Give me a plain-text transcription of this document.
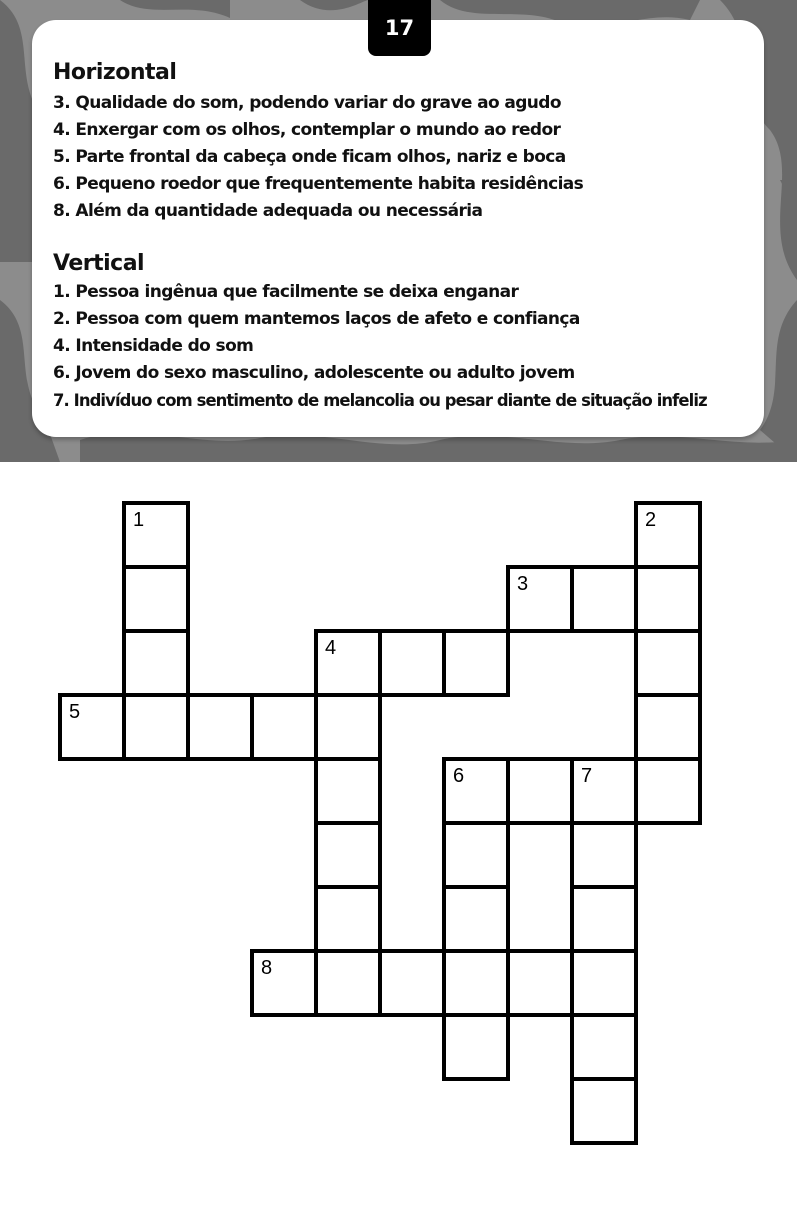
Horizontal
3. Qualidade do som, podendo variar do grave ao agudo
4. Enxergar com os olhos, contemplar o mundo ao redor
5. Parte frontal da cabeça onde ficam olhos, nariz e boca
6. Pequeno roedor que frequentemente habita residências
8. Além da quantidade adequada ou necessária
Vertical
1. Pessoa ingênua que facilmente se deixa enganar
2. Pessoa com quem mantemos laços de afeto e confiança
4. Intensidade do som
6. Jovem do sexo masculino, adolescente ou adulto jovem
7. Indivíduo com sentimento de melancolia ou pesar diante de situação infeliz
17
1	2
3
4
5
6	7
8
